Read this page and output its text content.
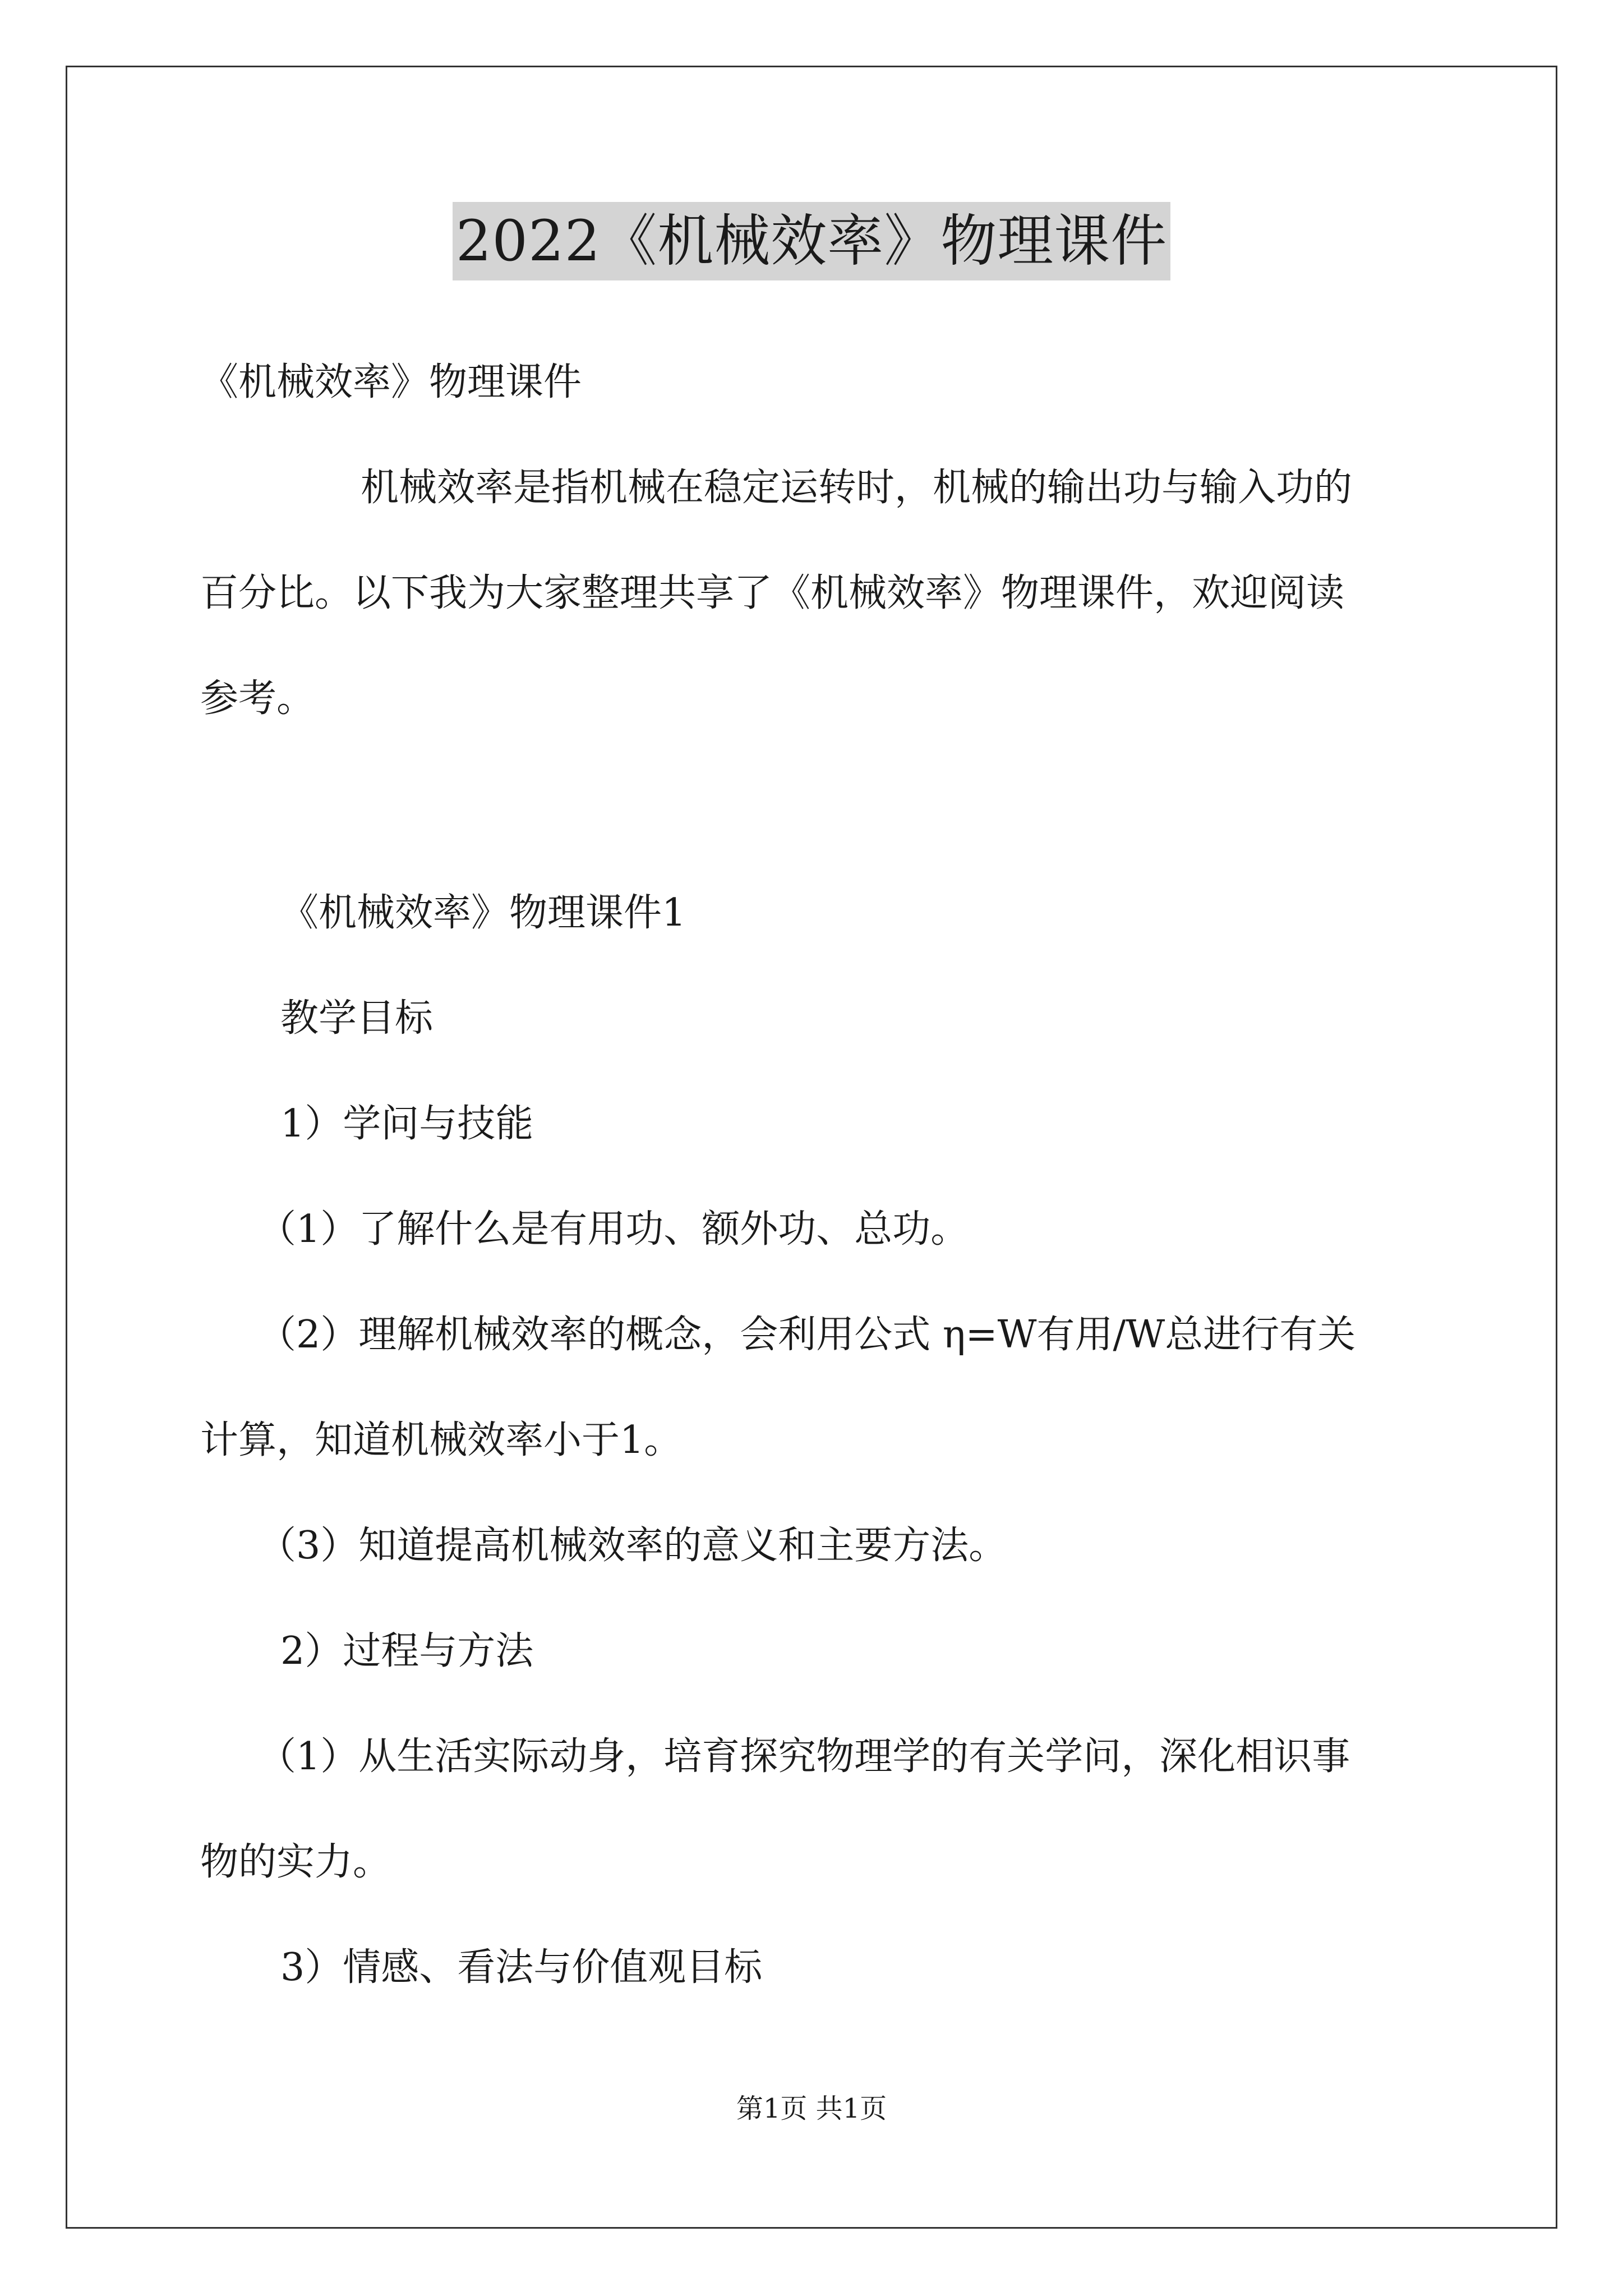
2022《机械效率》物理课件
《机械效率》物理课件
机械效率是指机械在稳定运转时，机械的输出功与输入功的
百分比。以下我为大家整理共享了《机械效率》物理课件，欢迎阅读
参考。
《机械效率》物理课件1
教学目标
1）学问与技能
（1）了解什么是有用功、额外功、总功。
（2）理解机械效率的概念，会利用公式 η=W有用/W总进行有关
计算，知道机械效率小于1。
（3）知道提高机械效率的意义和主要方法。
2）过程与方法
（1）从生活实际动身，培育探究物理学的有关学问，深化相识事
物的实力。
3）情感、看法与价值观目标
第1页 共1页
